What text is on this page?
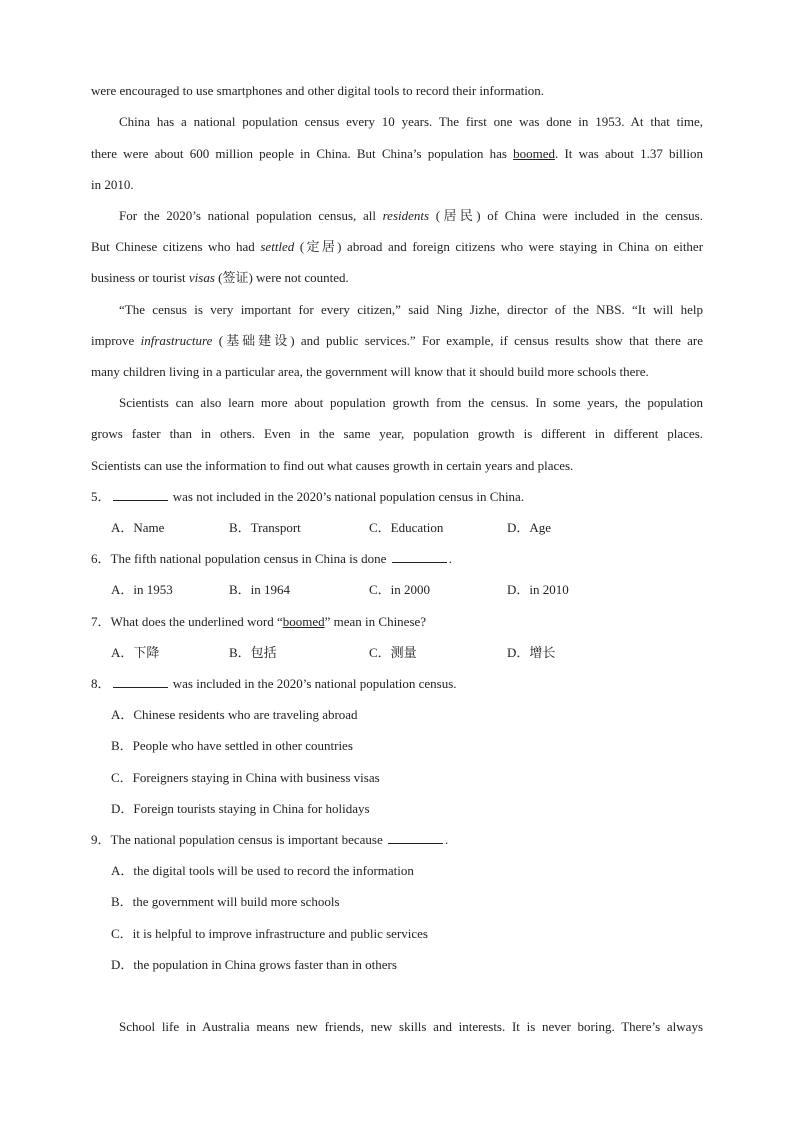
were encouraged to use smartphones and other digital tools to record their information.
China has a national population census every 10 years. The first one was done in 1953. At that time,
there were about 600 million people in China. But China’s population has boomed. It was about 1.37 billion
in 2010.
For the 2020’s national population census, all residents (居民) of China were included in the census.
But Chinese citizens who had settled (定居) abroad and foreign citizens who were staying in China on either
business or tourist visas (签证) were not counted.
“The census is very important for every citizen,” said Ning Jizhe, director of the NBS. “It will help
improve infrastructure (基础建设) and public services.” For example, if census results show that there are
many children living in a particular area, the government will know that it should build more schools there.
Scientists can also learn more about population growth from the census. In some years, the population
grows faster than in others. Even in the same year, population growth is different in different places.
Scientists can use the information to find out what causes growth in certain years and places.
5．	was not included in the 2020’s national population census in China.
A．Name	B．Transport	C．Education	D．Age
6．The fifth national population census in China is done	.
A．in 1953	B．in 1964	C．in 2000	D．in 2010
7．What does the underlined word “boomed” mean in Chinese?
A．下降	B．包括	C．测量	D．增长
8．	was included in the 2020’s national population census.
A．Chinese residents who are traveling abroad
B．People who have settled in other countries
C．Foreigners staying in China with business visas
D．Foreign tourists staying in China for holidays
9．The national population census is important because	.
A．the digital tools will be used to record the information
B．the government will build more schools
C．it is helpful to improve infrastructure and public services
D．the population in China grows faster than in others
School life in Australia means new friends, new skills and interests. It is never boring. There’s always
